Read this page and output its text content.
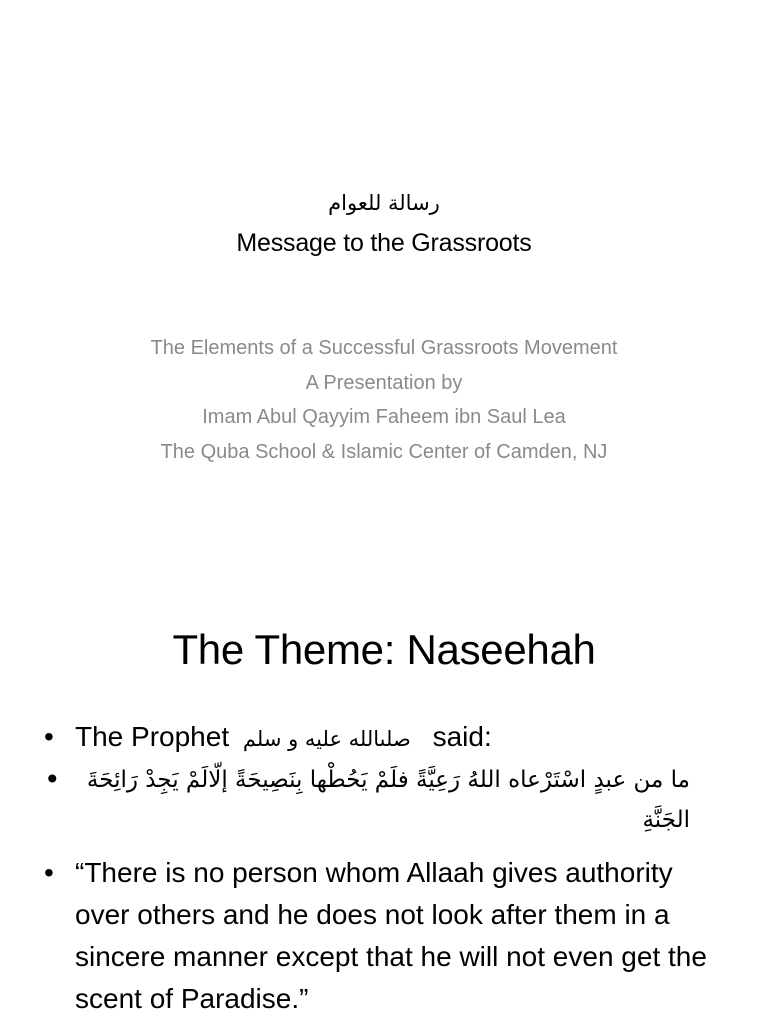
رسالة للعوام
Message to the Grassroots
The Elements of a Successful Grassroots Movement
A Presentation by
Imam Abul Qayyim Faheem ibn Saul Lea
The Quba School & Islamic Center of Camden, NJ
The Theme: Naseehah
• The Prophet صلىالله عليه و سلم said:
•	ما من عبدٍ اسْتَرْعاه اللهُ رَعِيَّةً فلَمْ يَحُطْها بِنَصِيحَةً إلّالَمْ يَجِدْ رَائِحَةَ الجَنَّةِ
• “There is no person whom Allaah gives authority over others and he does not look after them in a sincere manner except that he will not even get the scent of Paradise.”
